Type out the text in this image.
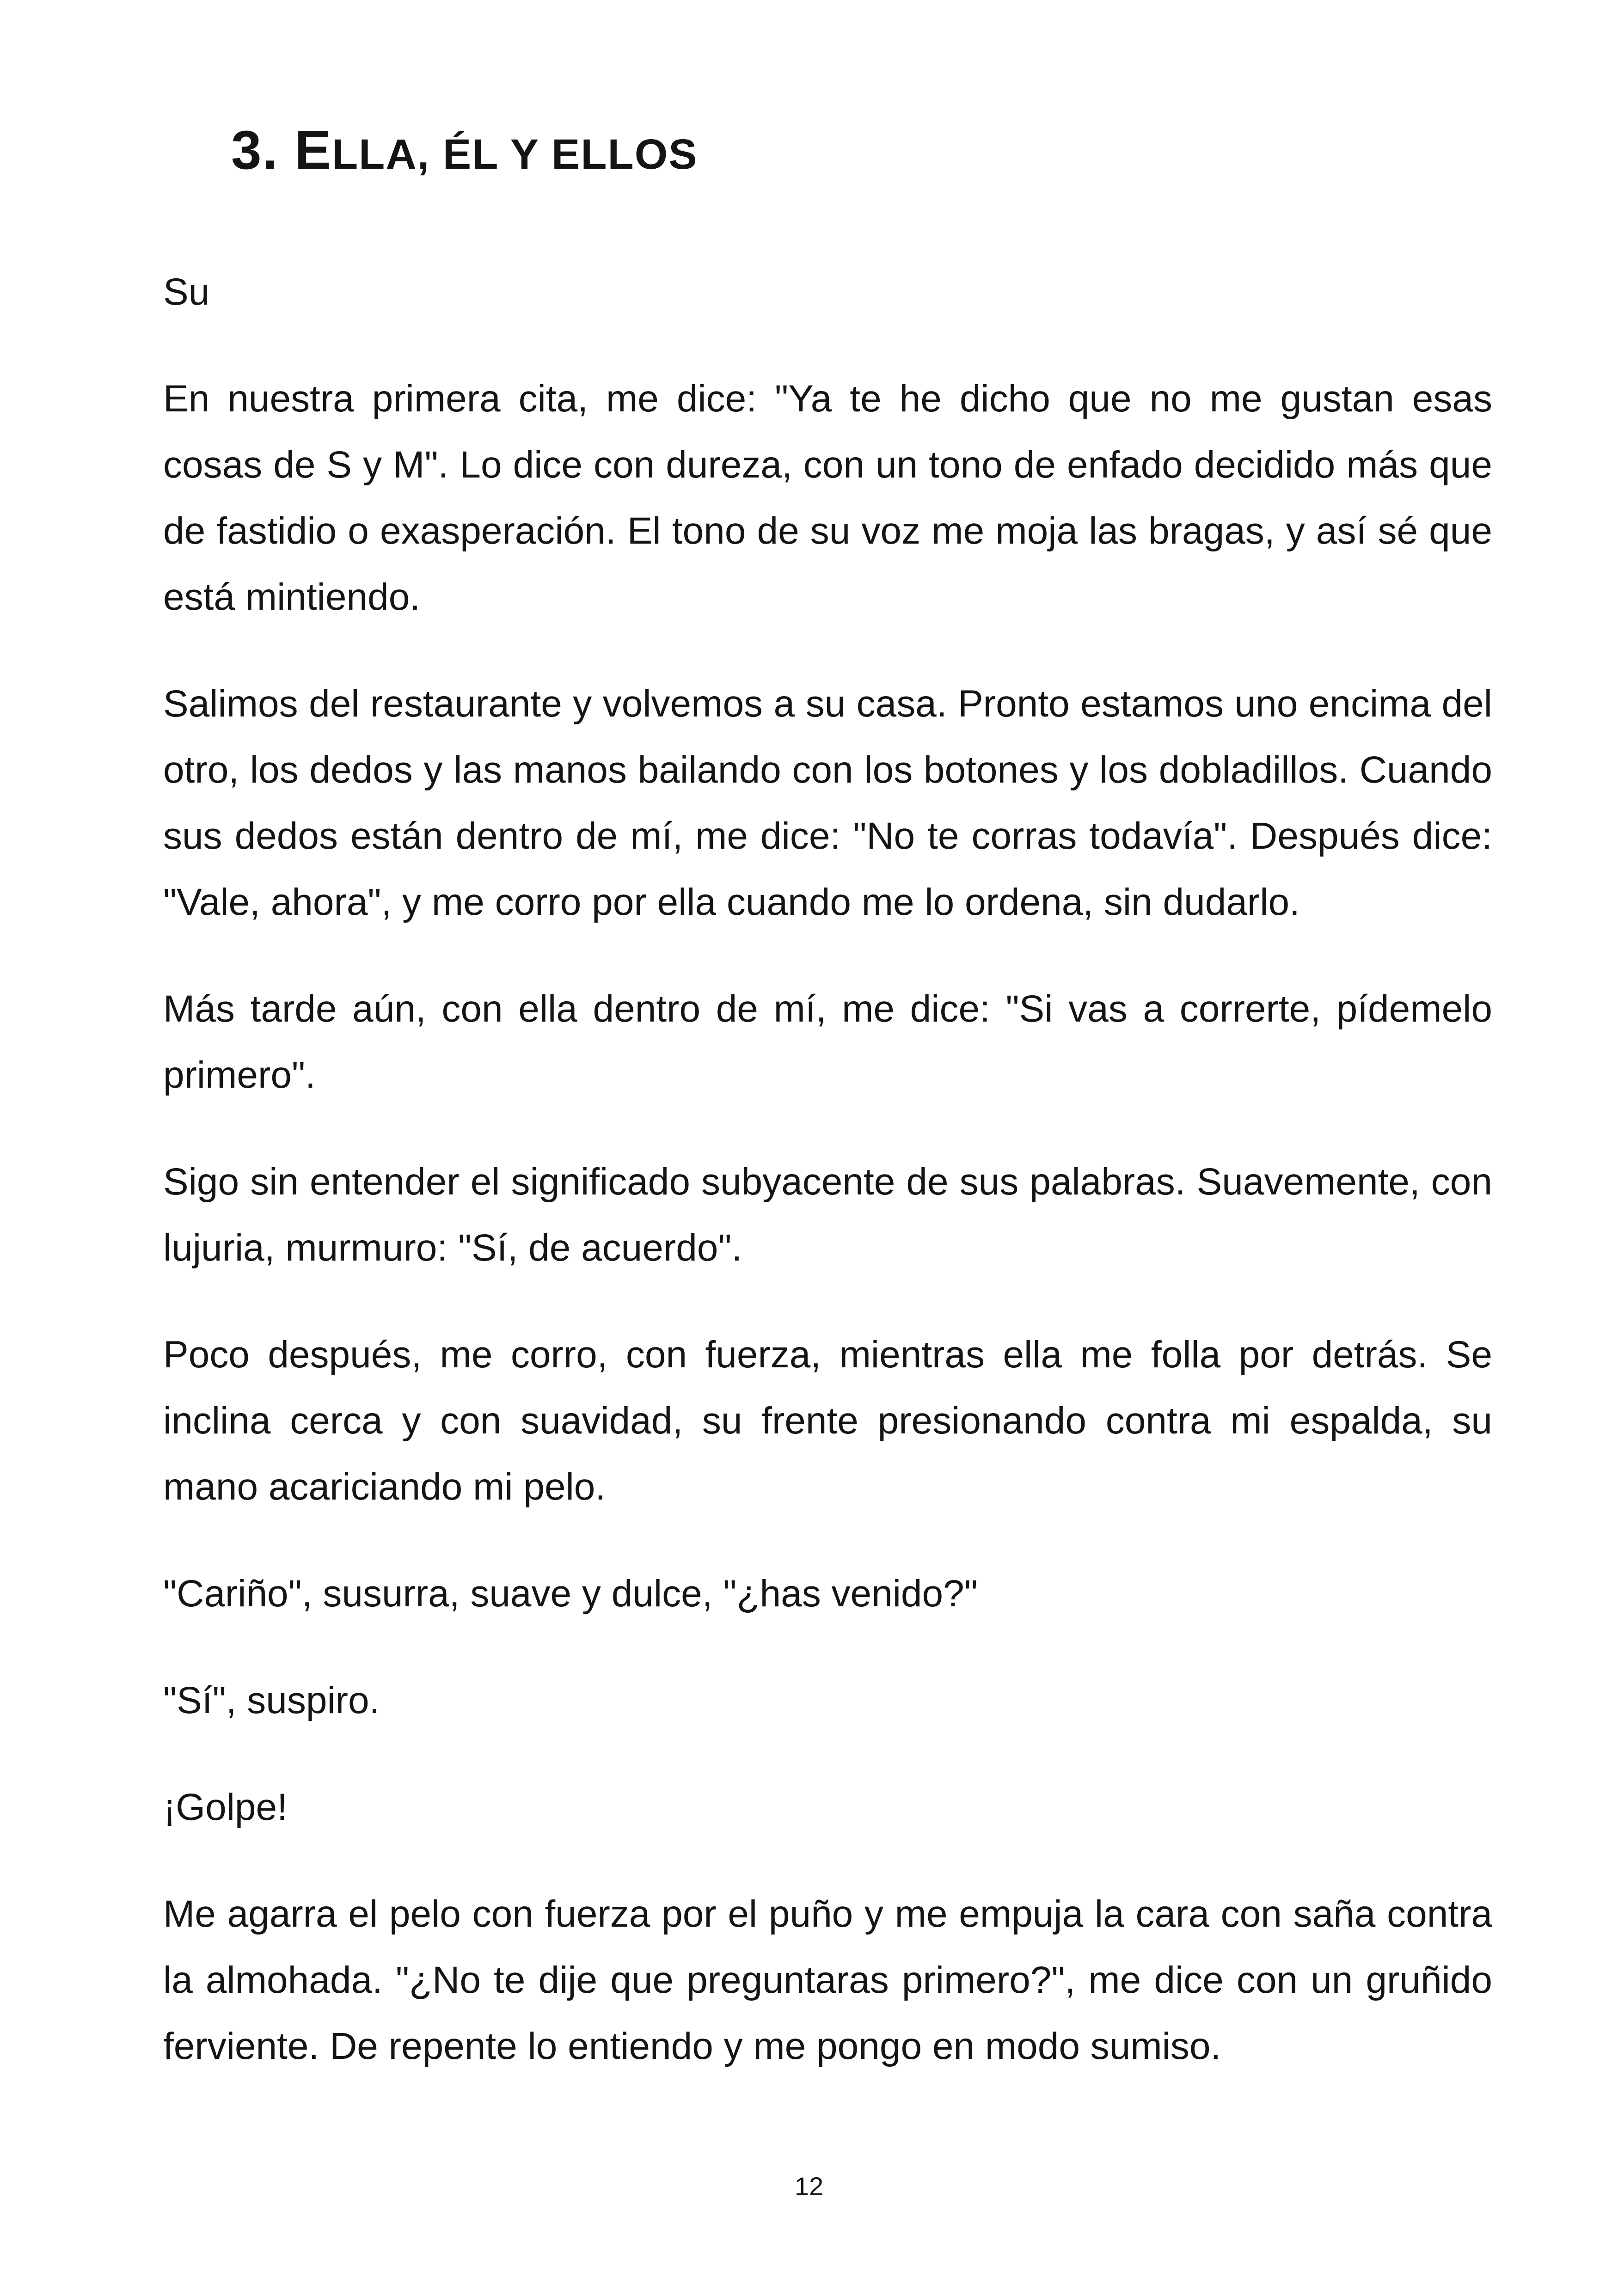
3. ELLA, ÉL Y ELLOS

Su

En nuestra primera cita, me dice: "Ya te he dicho que no me gustan esas cosas de S y M". Lo dice con dureza, con un tono de enfado decidido más que de fastidio o exasperación. El tono de su voz me moja las bragas, y así sé que está mintiendo.

Salimos del restaurante y volvemos a su casa. Pronto estamos uno encima del otro, los dedos y las manos bailando con los botones y los dobladillos. Cuando sus dedos están dentro de mí, me dice: "No te corras todavía". Después dice: "Vale, ahora", y me corro por ella cuando me lo ordena, sin dudarlo.

Más tarde aún, con ella dentro de mí, me dice: "Si vas a correrte, pídemelo primero".

Sigo sin entender el significado subyacente de sus palabras. Suavemente, con lujuria, murmuro: "Sí, de acuerdo".

Poco después, me corro, con fuerza, mientras ella me folla por detrás. Se inclina cerca y con suavidad, su frente presionando contra mi espalda, su mano acariciando mi pelo.

"Cariño", susurra, suave y dulce, "¿has venido?"

"Sí", suspiro.

¡Golpe!

Me agarra el pelo con fuerza por el puño y me empuja la cara con saña contra la almohada. "¿No te dije que preguntaras primero?", me dice con un gruñido ferviente. De repente lo entiendo y me pongo en modo sumiso.

12
